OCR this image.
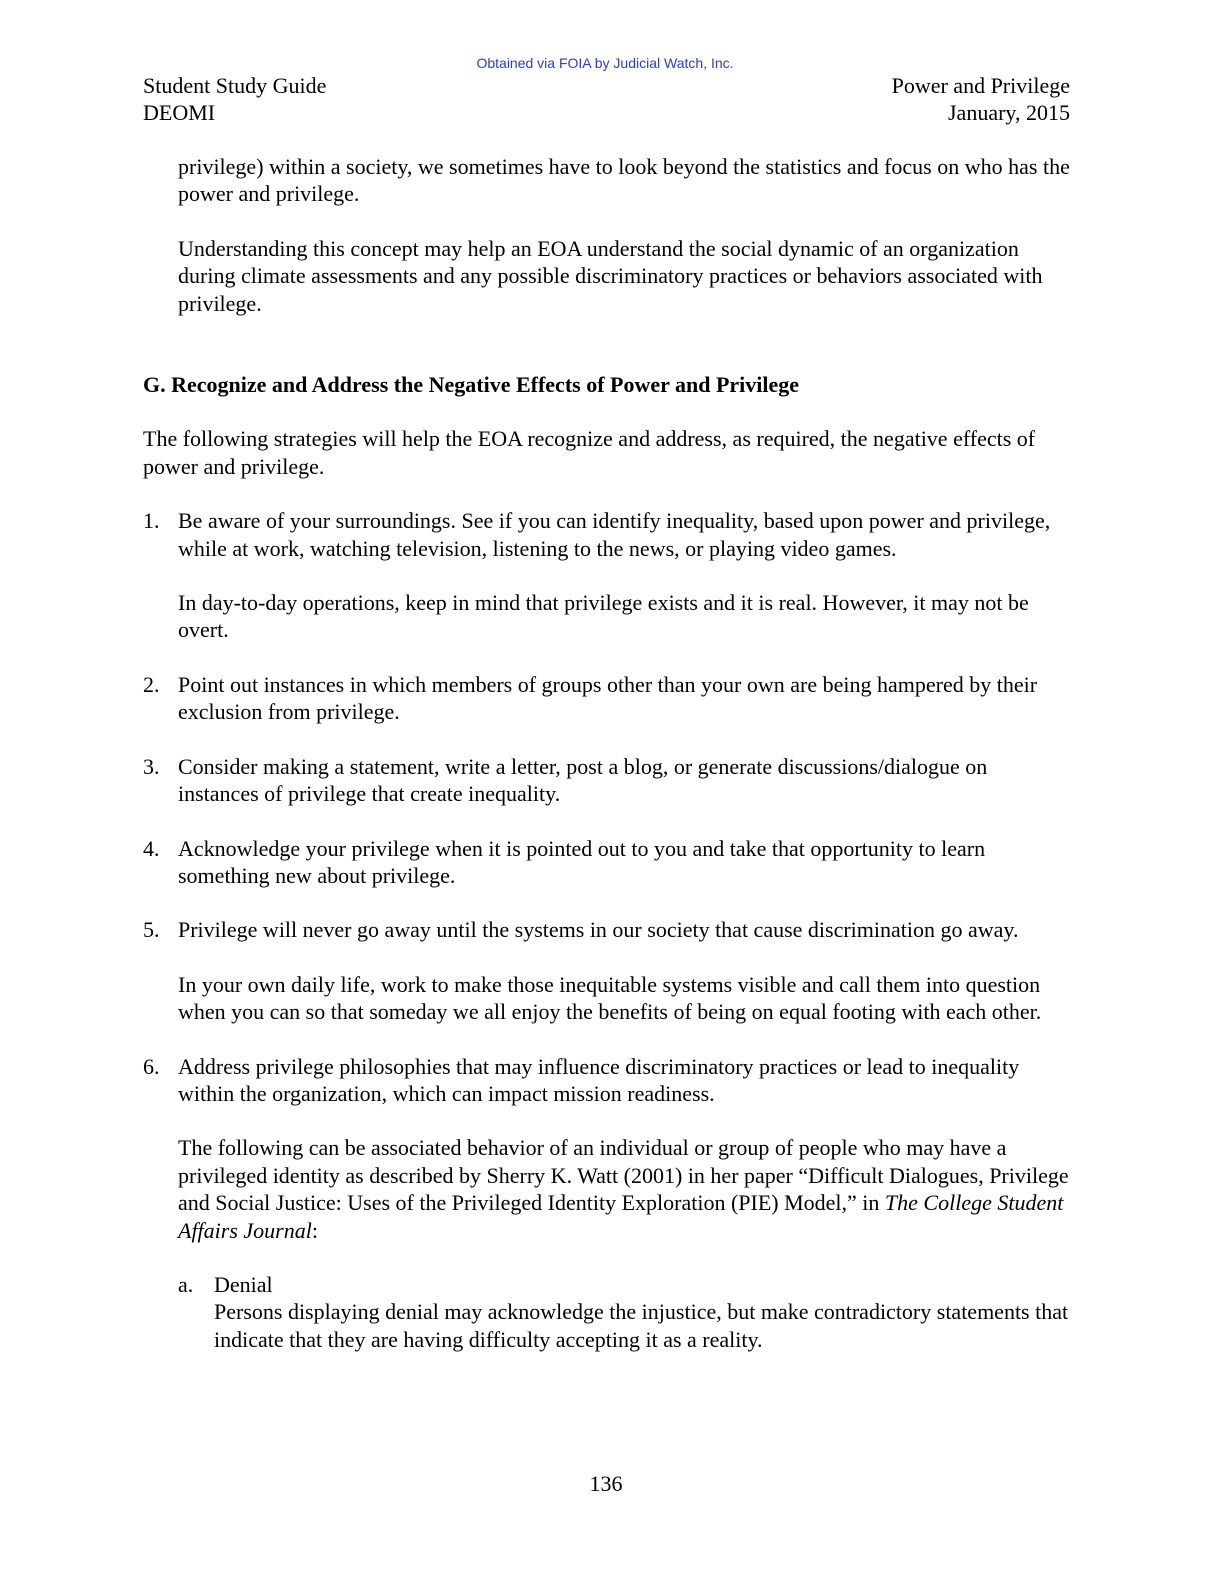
Obtained via FOIA by Judicial Watch, Inc.
Student Study Guide
DEOMI
Power and Privilege
January, 2015

privilege) within a society, we sometimes have to look beyond the statistics and focus on who has the power and privilege.

Understanding this concept may help an EOA understand the social dynamic of an organization during climate assessments and any possible discriminatory practices or behaviors associated with privilege.

G. Recognize and Address the Negative Effects of Power and Privilege

The following strategies will help the EOA recognize and address, as required, the negative effects of power and privilege.

1. Be aware of your surroundings. See if you can identify inequality, based upon power and privilege, while at work, watching television, listening to the news, or playing video games.

In day-to-day operations, keep in mind that privilege exists and it is real. However, it may not be overt.

2. Point out instances in which members of groups other than your own are being hampered by their exclusion from privilege.

3. Consider making a statement, write a letter, post a blog, or generate discussions/dialogue on instances of privilege that create inequality.

4. Acknowledge your privilege when it is pointed out to you and take that opportunity to learn something new about privilege.

5. Privilege will never go away until the systems in our society that cause discrimination go away.

In your own daily life, work to make those inequitable systems visible and call them into question when you can so that someday we all enjoy the benefits of being on equal footing with each other.

6. Address privilege philosophies that may influence discriminatory practices or lead to inequality within the organization, which can impact mission readiness.

The following can be associated behavior of an individual or group of people who may have a privileged identity as described by Sherry K. Watt (2001) in her paper “Difficult Dialogues, Privilege and Social Justice: Uses of the Privileged Identity Exploration (PIE) Model,” in The College Student Affairs Journal:

a. Denial

Persons displaying denial may acknowledge the injustice, but make contradictory statements that indicate that they are having difficulty accepting it as a reality.

136
